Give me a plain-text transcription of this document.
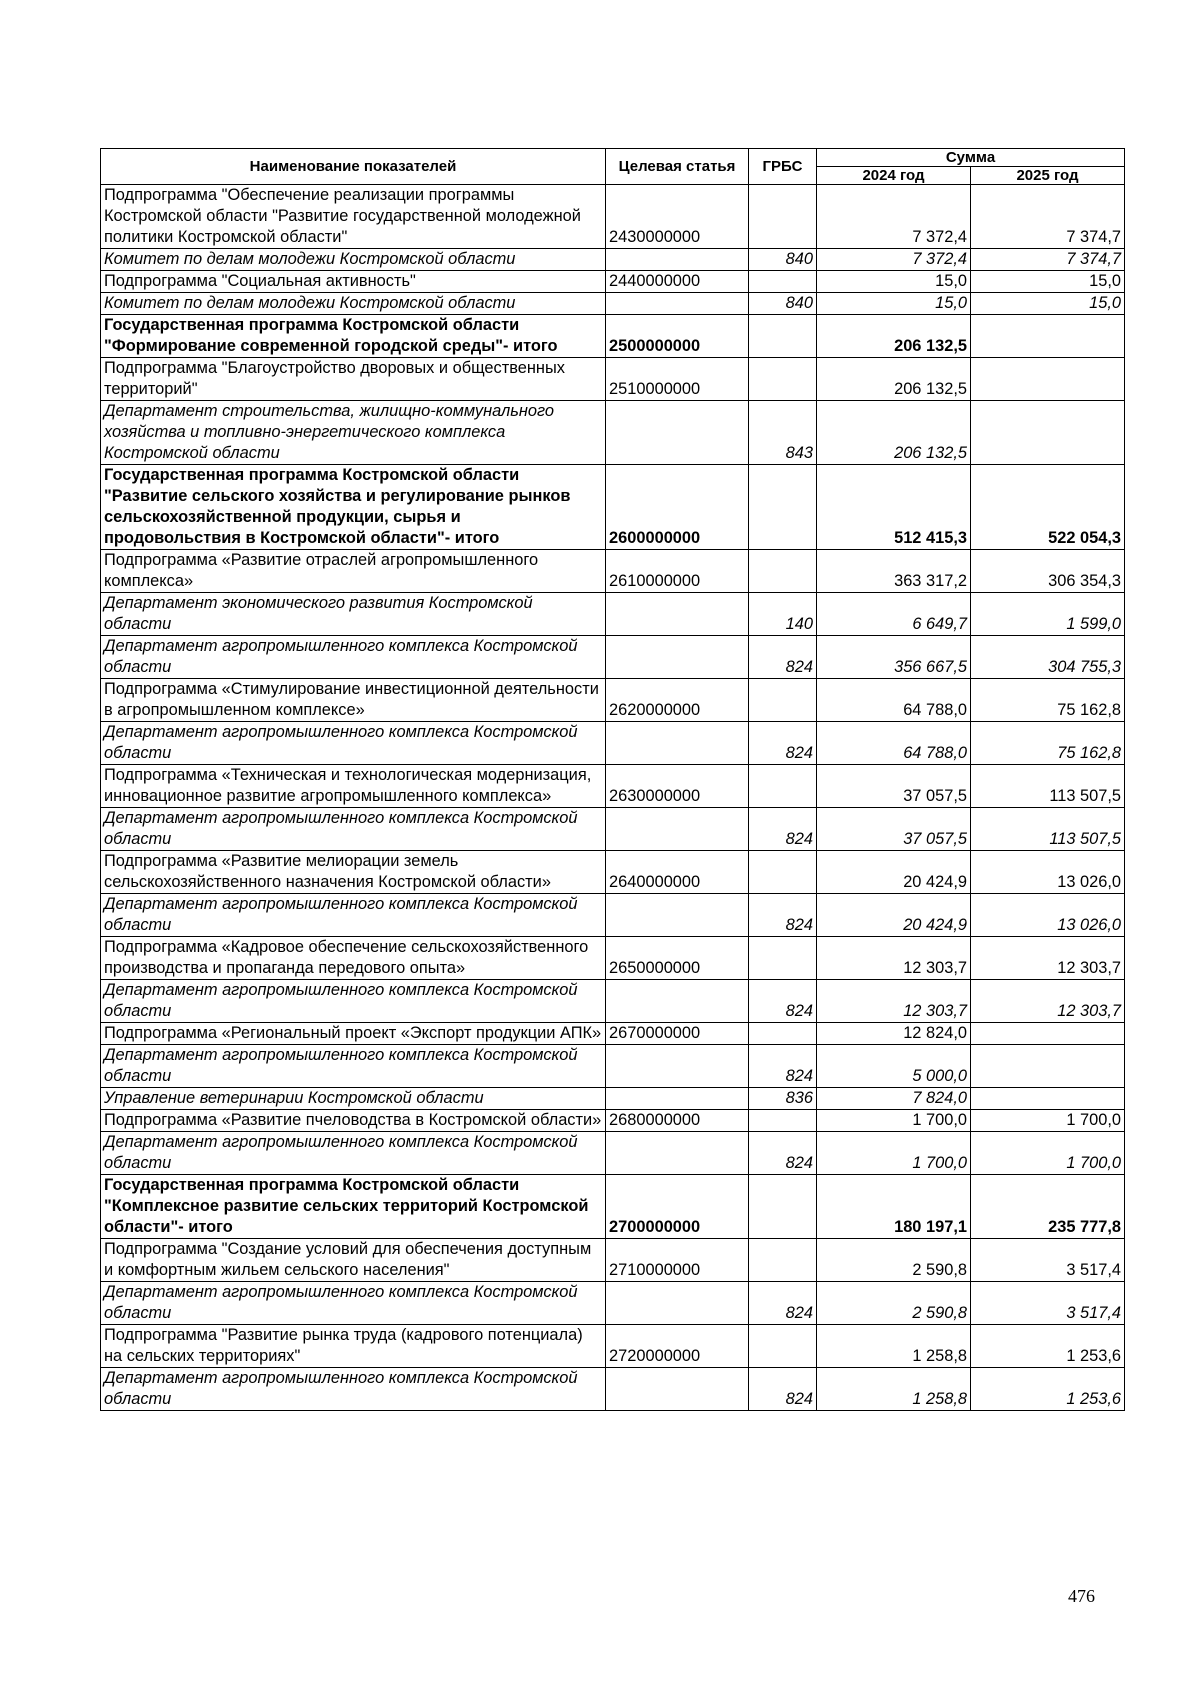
Наименование показателей	Целевая статья	ГРБС	Сумма	
			2024 год	2025 год
Подпрограмма "Обеспечение реализации программы Костромской области "Развитие государственной молодежной политики Костромской области"	2430000000		7 372,4	7 374,7
Комитет по делам молодежи Костромской области		840	7 372,4	7 374,7
Подпрограмма "Социальная активность"	2440000000		15,0	15,0
Комитет по делам молодежи Костромской области		840	15,0	15,0
Государственная программа Костромской области "Формирование современной городской среды"- итого	2500000000		206 132,5	
Подпрограмма "Благоустройство дворовых и общественных территорий"	2510000000		206 132,5	
Департамент строительства, жилищно-коммунального хозяйства и топливно-энергетического комплекса Костромской области		843	206 132,5	
Государственная программа Костромской области "Развитие сельского хозяйства и регулирование рынков сельскохозяйственной продукции, сырья и продовольствия в Костромской области"- итого	2600000000		512 415,3	522 054,3
Подпрограмма «Развитие отраслей агропромышленного комплекса»	2610000000		363 317,2	306 354,3
Департамент экономического развития Костромской области		140	6 649,7	1 599,0
Департамент агропромышленного комплекса Костромской области		824	356 667,5	304 755,3
Подпрограмма «Стимулирование инвестиционной деятельности в агропромышленном комплексе»	2620000000		64 788,0	75 162,8
Департамент агропромышленного комплекса Костромской области		824	64 788,0	75 162,8
Подпрограмма «Техническая и технологическая модернизация, инновационное развитие агропромышленного комплекса»	2630000000		37 057,5	113 507,5
Департамент агропромышленного комплекса Костромской области		824	37 057,5	113 507,5
Подпрограмма «Развитие мелиорации земель сельскохозяйственного назначения Костромской области»	2640000000		20 424,9	13 026,0
Департамент агропромышленного комплекса Костромской области		824	20 424,9	13 026,0
Подпрограмма «Кадровое обеспечение сельскохозяйственного производства и пропаганда передового опыта»	2650000000		12 303,7	12 303,7
Департамент агропромышленного комплекса Костромской области		824	12 303,7	12 303,7
Подпрограмма «Региональный проект «Экспорт продукции АПК»	2670000000		12 824,0	
Департамент агропромышленного комплекса Костромской области		824	5 000,0	
Управление ветеринарии Костромской области		836	7 824,0	
Подпрограмма «Развитие пчеловодства в Костромской области»	2680000000		1 700,0	1 700,0
Департамент агропромышленного комплекса Костромской области		824	1 700,0	1 700,0
Государственная программа Костромской области "Комплексное развитие сельских территорий Костромской области"- итого	2700000000		180 197,1	235 777,8
Подпрограмма "Создание условий для обеспечения доступным и комфортным жильем сельского населения"	2710000000		2 590,8	3 517,4
Департамент агропромышленного комплекса Костромской области		824	2 590,8	3 517,4
Подпрограмма "Развитие рынка труда (кадрового потенциала) на сельских территориях"	2720000000		1 258,8	1 253,6
Департамент агропромышленного комплекса Костромской области		824	1 258,8	1 253,6
476
